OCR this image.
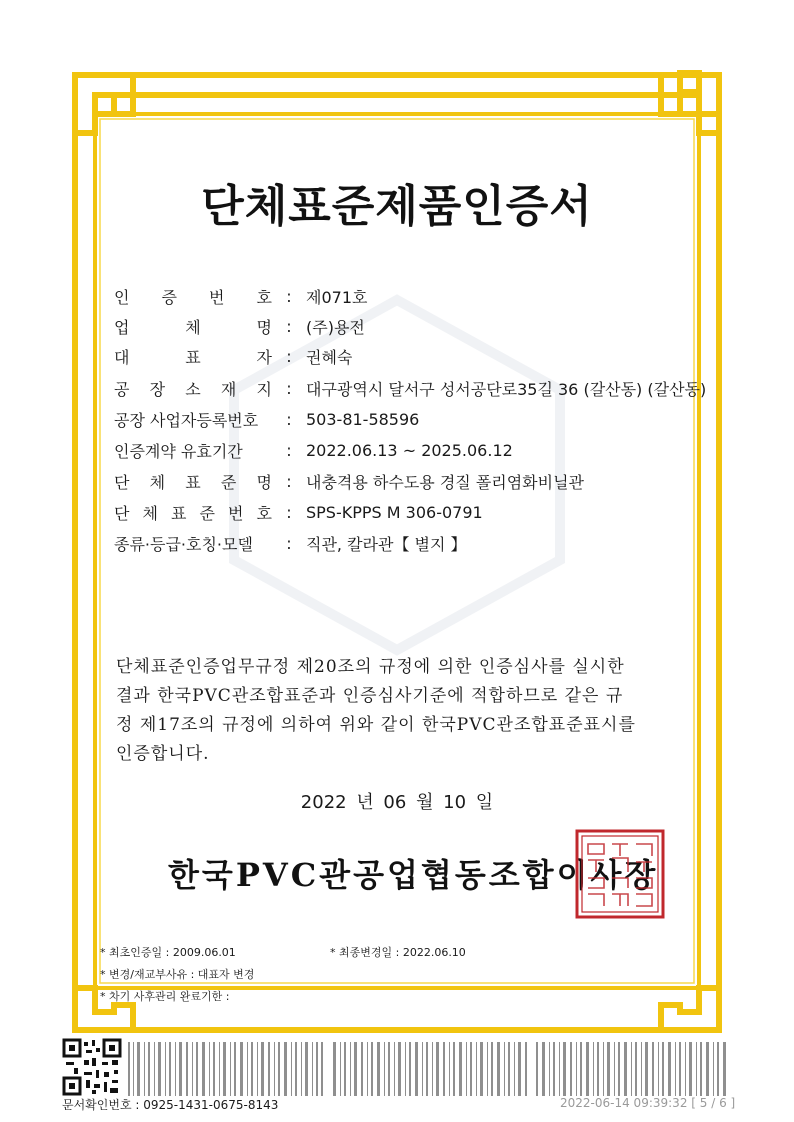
단체표준제품인증서
인 증 번 호 : 제071호
업	체	명 : (주)용전
대	표	자 : 권혜숙
공 장 소 재 지 : 대구광역시 달서구 성서공단로35길 36 (갈산동) (갈산동)
공장 사업자등록번호	: 503-81-58596
인증계약 유효기간	: 2022.06.13 ~ 2025.06.12
단 체 표 준 명 : 내충격용 하수도용 경질 폴리염화비닐관
단 체 표 준 번 호 : SPS-KPPS M 306-0791
종류·등급·호칭·모델	: 직관, 칼라관【 별지 】
단체표준인증업무규정 제20조의 규정에 의한 인증심사를 실시한
결과 한국PVC관조합표준과 인증심사기준에 적합하므로 같은 규
정 제17조의 규정에 의하여 위와 같이 한국PVC관조합표준표시를
인증합니다.
2022 년 06 월 10 일
한국PVC관공업협동조합이사장
* 최초인증일 : 2009.06.01
* 변경/재교부사유 : 대표자 변경
* 차기 사후관리 완료기한 :
* 최종변경일 : 2022.06.10
문서확인번호 : 0925-1431-0675-8143	2022-06-14 09:39:32 [ 5 / 6 ]
